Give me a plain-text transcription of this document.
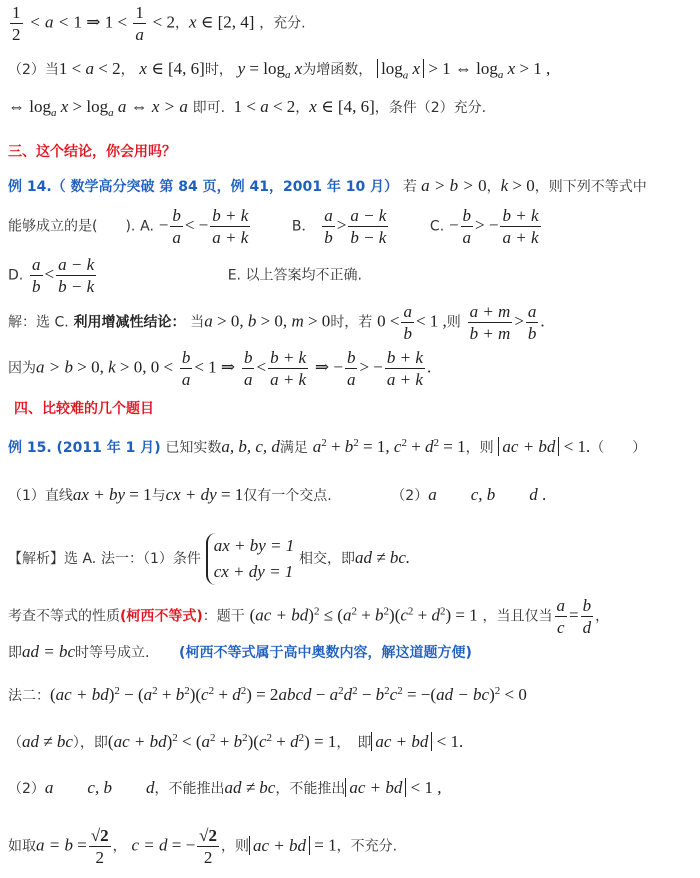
$\frac{1}{2} < a < 1$ ⇒ $1 < \frac{1}{a} < 2$，x ∈ [2, 4] ，充分.
（2）当1 < a < 2， x ∈ [4, 6]时， $y = \log_a x$为增函数， $\log_a x > 1$ ⇔ $\log_a x > 1$ ,
⇔ $\log_a x > \log_a a$ ⇔ x > a 即可.  1 < a < 2，x ∈ [4, 6]，条件（2）充分.
三、这个结论，你会用吗？
例 14.（ 数学高分突破 第 84 页，例 41，2001 年 10 月） 若 a > b > 0，k > 0，则下列不等式中
能够成立的是(　　). A. − $\frac{b}{a}$ < − $\frac{b + k}{a + k}$	B． $\frac{a}{b} > \frac{a - k}{b - k}$	C. − $\frac{b}{a}$ > − $\frac{b + k}{a + k}$
D. $\frac{a}{b} < \frac{a - k}{b - k}$	E. 以上答案均不正确.
解：选 C. 利用增减性结论： 当a > 0, b > 0, m > 0时，若 $0 < \frac{a}{b} < 1$ ,则 $\frac{a + m}{b + m} > \frac{a}{b}$ .
因为a > b > 0, k > 0, $0 < \frac{b}{a} < 1$ ⇒ $\frac{b}{a} < \frac{b + k}{a + k}$ ⇒ − $\frac{b}{a}$ > − $\frac{b + k}{a + k}$ .
四、比较难的几个题目
例 15. (2011 年 1 月) 已知实数a, b, c, d满足 $a^2 + b^2 = 1$, $c^2 + d^2 = 1$，则 ac + bd < 1.（　　）
（1）直线ax + by = 1与cx + dy = 1仅有一个交点.	（2）a　　c, b　　d .
【解析】选 A. 法一：（1）条件
ax + by = 1
cx + dy = 1
相交，即ad ≠ bc.
考查不等式的性质(柯西不等式)：题干 $(ac + bd)^2 \le (a^2 + b^2)(c^2 + d^2) = 1$ ，当且仅当 $\frac{a}{c} = \frac{b}{d}$ ，
即ad = bc时等号成立. (柯西不等式属于高中奥数内容，解这道题方便)
法二：$(ac + bd)^2 - (a^2 + b^2)(c^2 + d^2)$ = 2abcd − $a^2d^2 - b^2c^2 = -(ad - bc)^2 < 0$
（ad ≠ bc），即$(ac + bd)^2 < (a^2 + b^2)(c^2 + d^2) = 1$，　即 ac + bd < 1.
（2）a　　c, b　　d，不能推出ad ≠ bc，不能推出 ac + bd < 1 ,
如取$a = b = \frac{√2}{2}$ ， c = d = − $\frac{√2}{2}$ ，则 ac + bd = 1，不充分.
